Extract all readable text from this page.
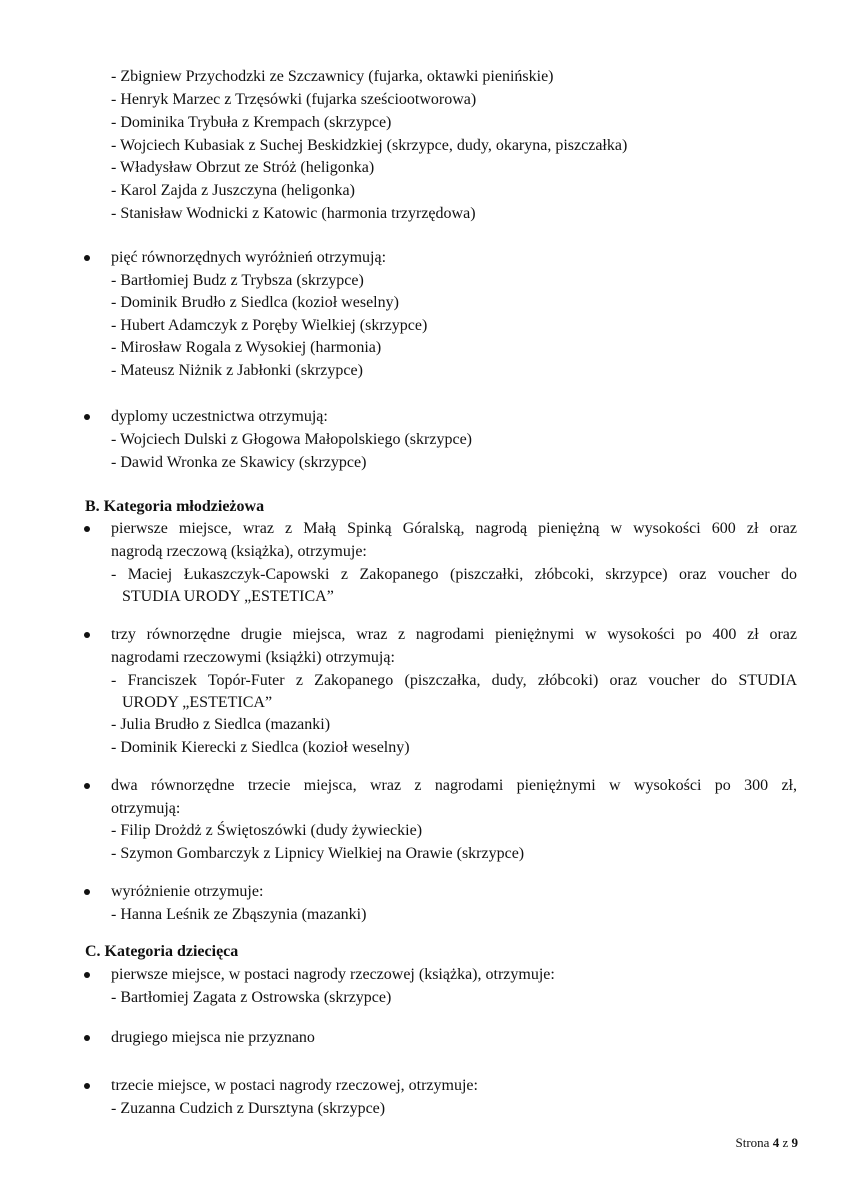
- Zbigniew Przychodzki ze Szczawnicy (fujarka, oktawki pienińskie)
- Henryk Marzec z Trzęsówki (fujarka sześciootworowa)
- Dominika Trybuła z Krempach (skrzypce)
- Wojciech Kubasiak z Suchej Beskidzkiej (skrzypce, dudy, okaryna, piszczałka)
- Władysław Obrzut ze Stróż (heligonka)
- Karol Zajda z Juszczyna (heligonka)
- Stanisław Wodnicki z Katowic (harmonia trzyrzędowa)
pięć równorzędnych wyróżnień otrzymują:
- Bartłomiej Budz z Trybsza (skrzypce)
- Dominik Brudło z Siedlca (kozioł weselny)
- Hubert Adamczyk z Poręby Wielkiej (skrzypce)
- Mirosław Rogala z Wysokiej (harmonia)
- Mateusz Niżnik z Jabłonki (skrzypce)
dyplomy uczestnictwa otrzymują:
- Wojciech Dulski z Głogowa Małopolskiego (skrzypce)
- Dawid Wronka ze Skawicy (skrzypce)
B. Kategoria młodzieżowa
pierwsze miejsce, wraz z Małą Spinką Góralską, nagrodą pieniężną w wysokości 600 zł oraz
nagrodą rzeczową (książka), otrzymuje:
- Maciej Łukaszczyk-Capowski z Zakopanego (piszczałki, złóbcoki, skrzypce) oraz voucher do
STUDIA URODY „ESTETICA”
trzy równorzędne drugie miejsca, wraz z nagrodami pieniężnymi w wysokości po 400 zł oraz
nagrodami rzeczowymi (książki) otrzymują:
- Franciszek Topór-Futer z Zakopanego (piszczałka, dudy, złóbcoki) oraz voucher do STUDIA
URODY „ESTETICA”
- Julia Brudło z Siedlca (mazanki)
- Dominik Kierecki z Siedlca (kozioł weselny)
dwa równorzędne trzecie miejsca, wraz z nagrodami pieniężnymi w wysokości po 300 zł,
otrzymują:
- Filip Drożdż z Świętoszówki (dudy żywieckie)
- Szymon Gombarczyk z Lipnicy Wielkiej na Orawie (skrzypce)
wyróżnienie otrzymuje:
- Hanna Leśnik ze Zbąszynia (mazanki)
C. Kategoria dziecięca
pierwsze miejsce, w postaci nagrody rzeczowej (książka), otrzymuje:
- Bartłomiej Zagata z Ostrowska (skrzypce)
drugiego miejsca nie przyznano
trzecie miejsce, w postaci nagrody rzeczowej, otrzymuje:
- Zuzanna Cudzich z Dursztyna (skrzypce)
Strona 4 z 9
